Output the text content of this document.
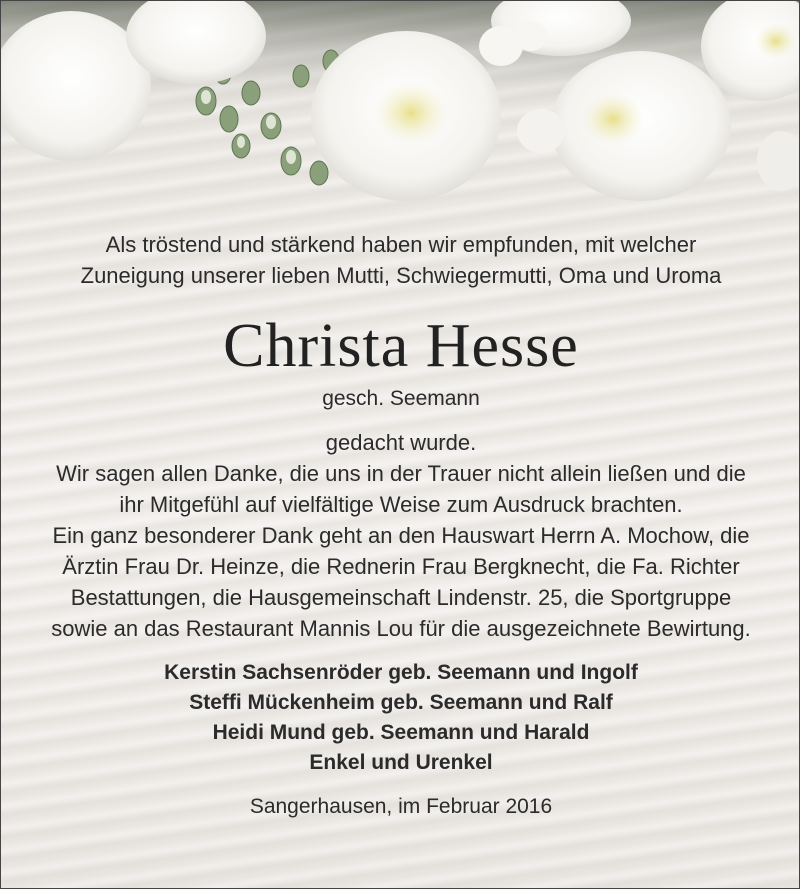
Als tröstend und stärkend haben wir empfunden, mit welcher

Zuneigung unserer lieben Mutti, Schwiegermutti, Oma und Uroma

Christa Hesse

gesch. Seemann

gedacht wurde.

Wir sagen allen Danke, die uns in der Trauer nicht allein ließen und die

ihr Mitgefühl auf vielfältige Weise zum Ausdruck brachten.

Ein ganz besonderer Dank geht an den Hauswart Herrn A. Mochow, die

Ärztin Frau Dr. Heinze, die Rednerin Frau Bergknecht, die Fa. Richter

Bestattungen, die Hausgemeinschaft Lindenstr. 25, die Sportgruppe

sowie an das Restaurant Mannis Lou für die ausgezeichnete Bewirtung.

Kerstin Sachsenröder geb. Seemann und Ingolf

Steffi Mückenheim geb. Seemann und Ralf

Heidi Mund geb. Seemann und Harald

Enkel und Urenkel

Sangerhausen, im Februar 2016
